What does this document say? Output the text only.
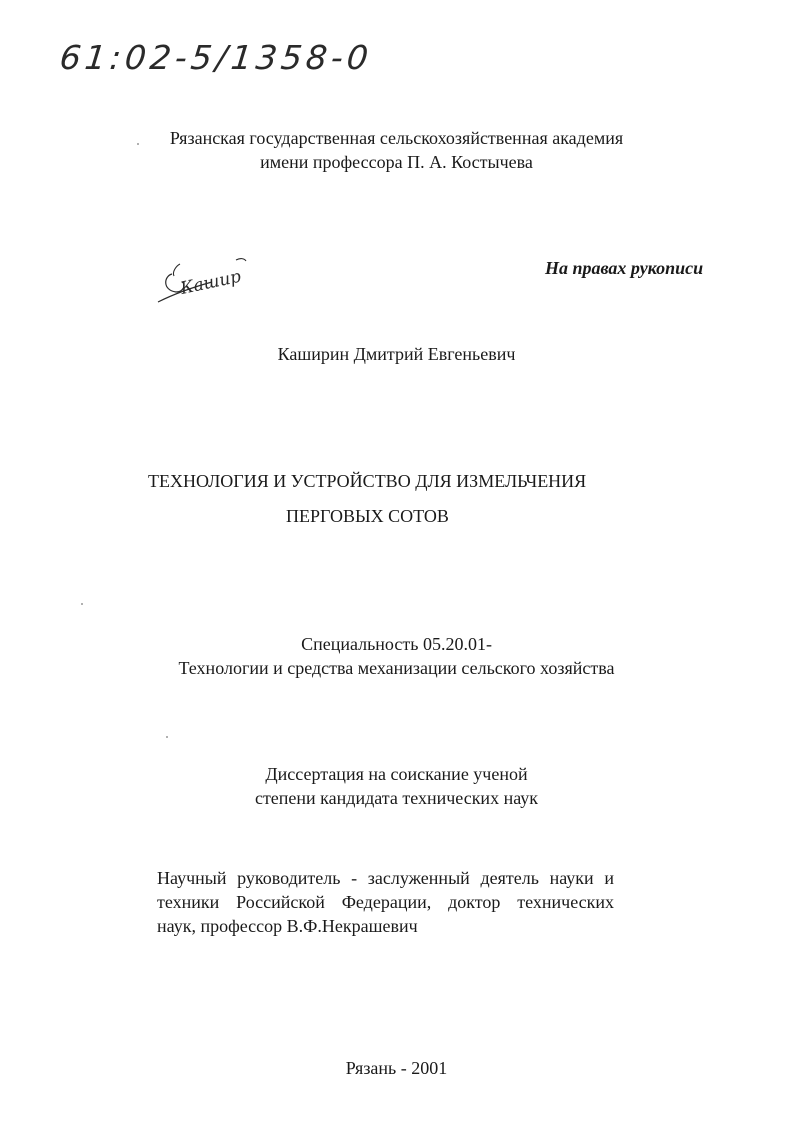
61:02-5/1358-0
Рязанская государственная сельскохозяйственная академия
имени профессора П. А. Костычева
Кашир	На правах рукописи
Каширин Дмитрий Евгеньевич
ТЕХНОЛОГИЯ И УСТРОЙСТВО ДЛЯ ИЗМЕЛЬЧЕНИЯ
ПЕРГОВЫХ СОТОВ
Специальность 05.20.01-
Технологии и средства механизации сельского хозяйства
Диссертация на соискание ученой
степени кандидата технических наук
Научный руководитель - заслуженный деятель науки и
техники Российской Федерации, доктор технических
наук, профессор В.Ф.Некрашевич
Рязань - 2001
